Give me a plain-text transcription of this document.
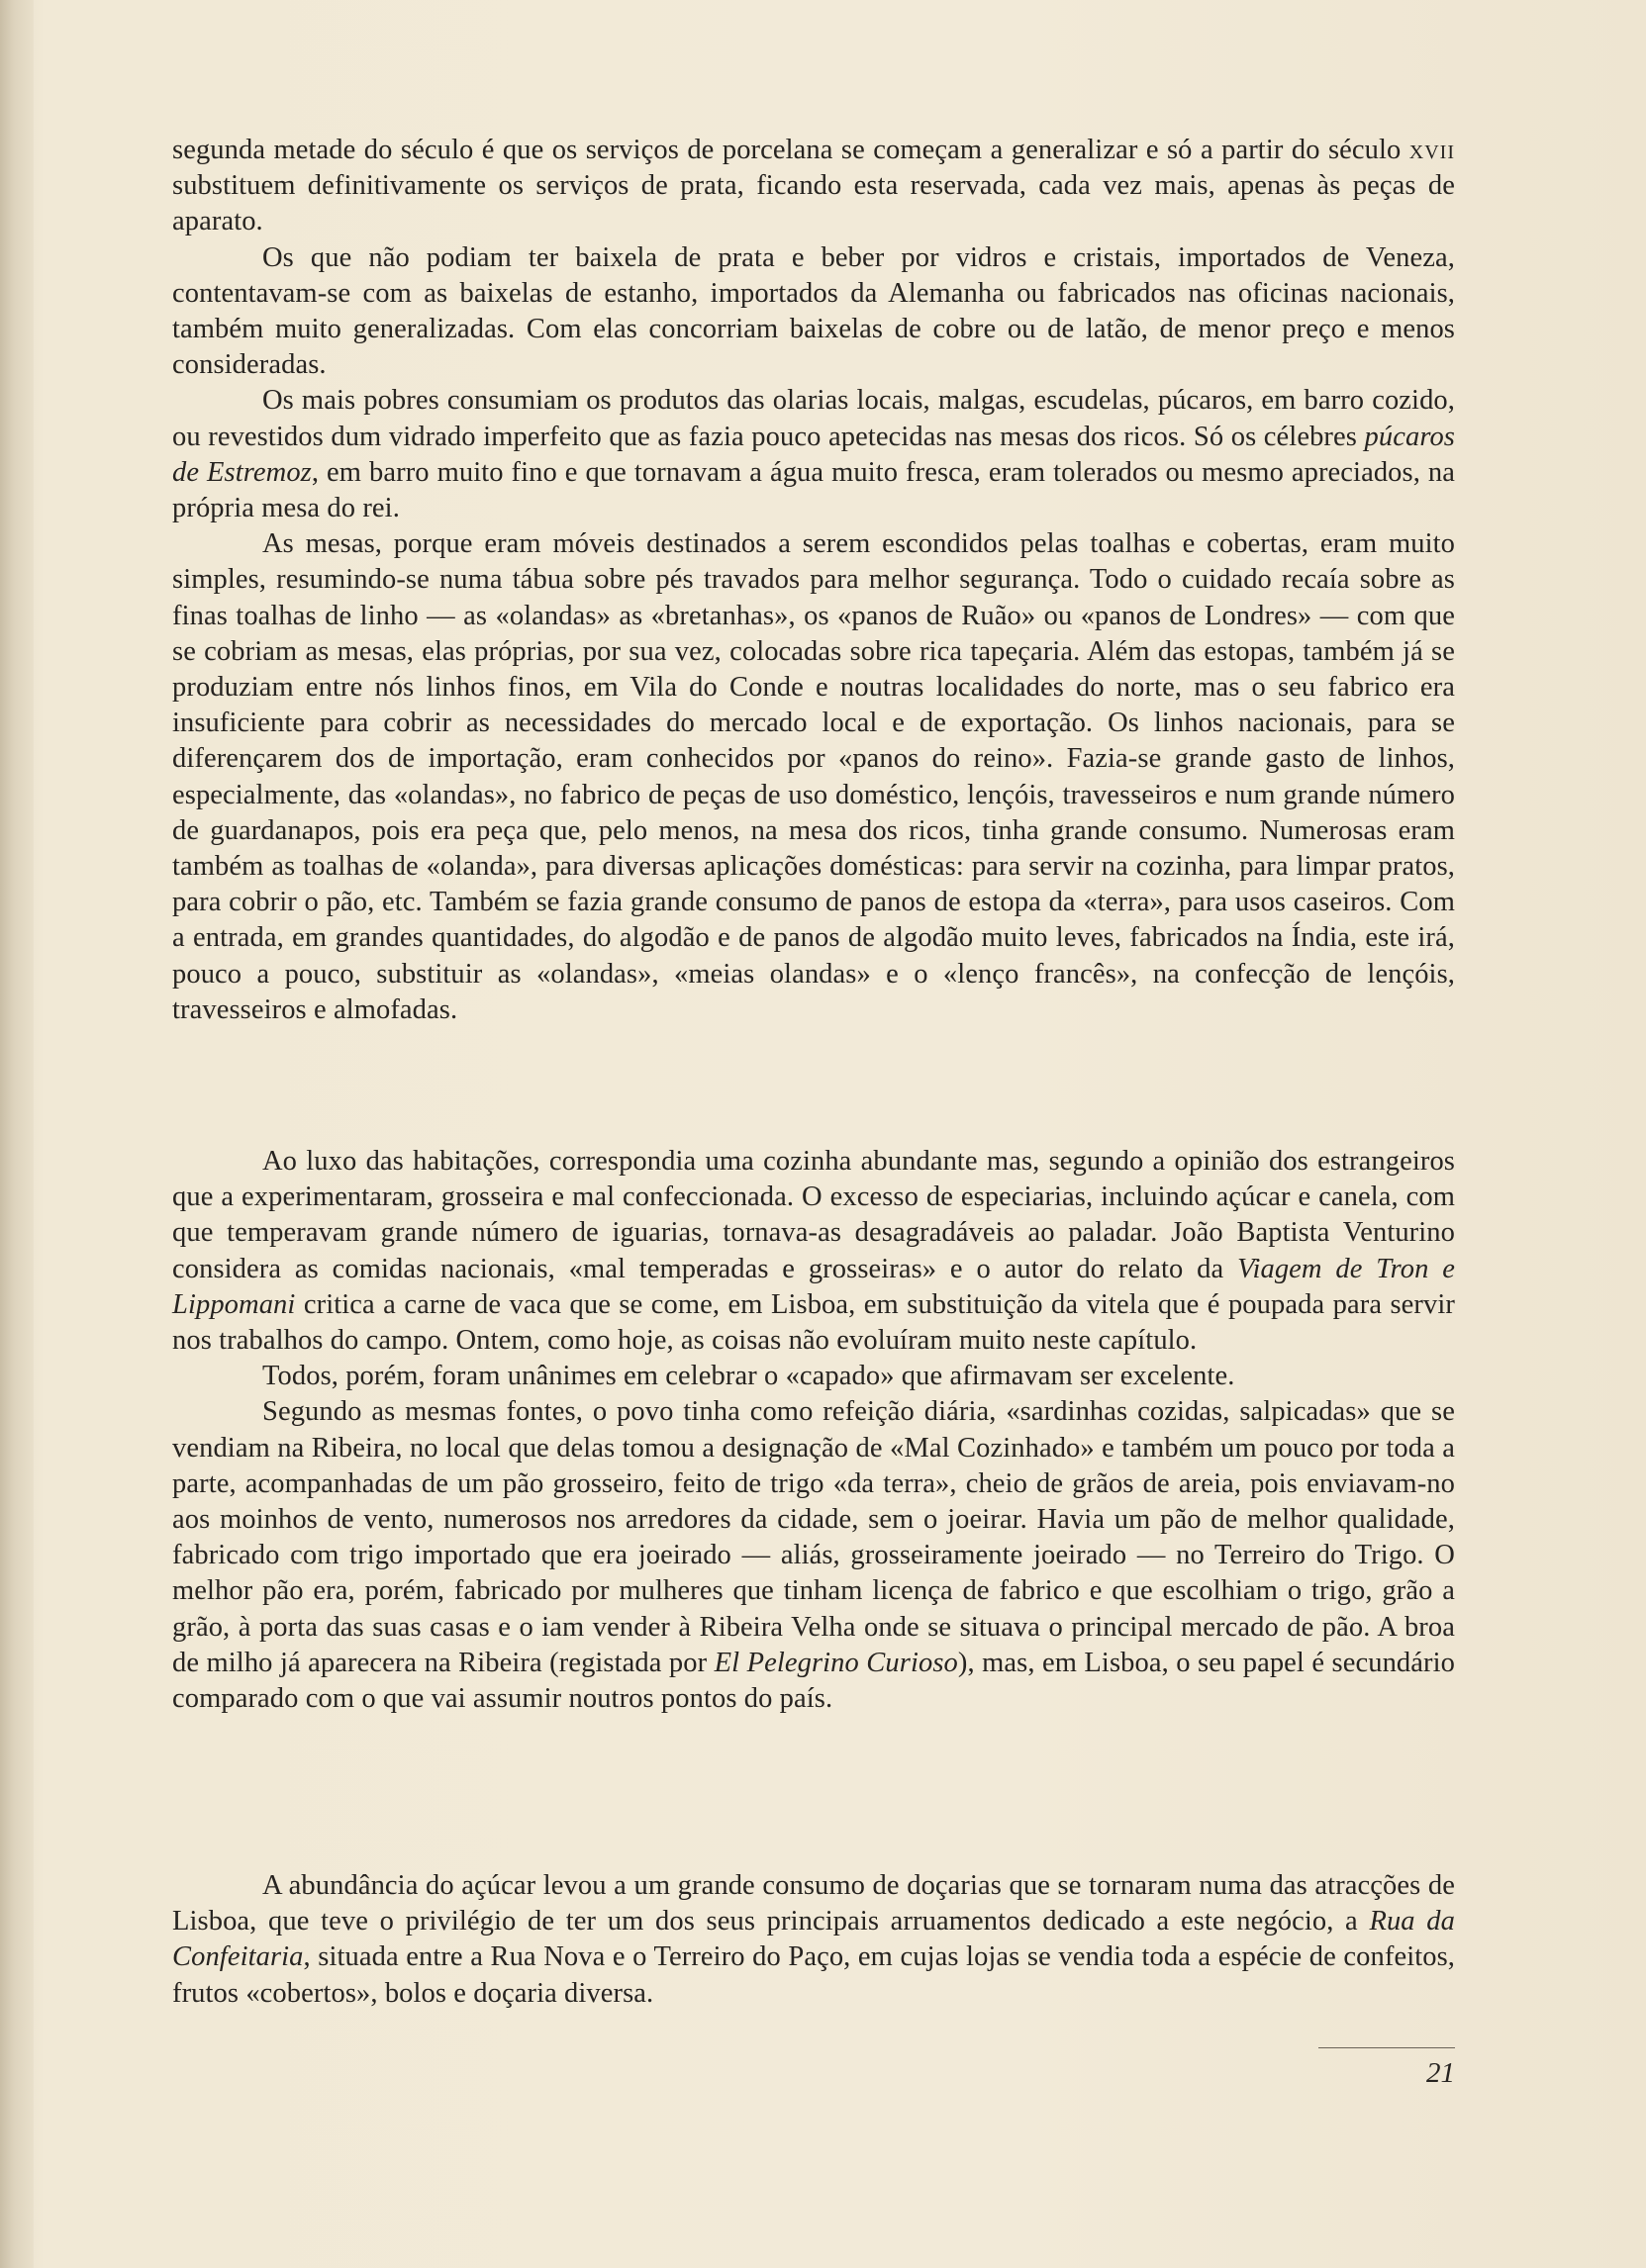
segunda metade do século é que os serviços de porcelana se começam a generalizar e só a partir do século xvii substituem definitivamente os serviços de prata, ficando esta reservada, cada vez mais, apenas às peças de aparato.

Os que não podiam ter baixela de prata e beber por vidros e cristais, importados de Veneza, contentavam-se com as baixelas de estanho, importados da Alemanha ou fabricados nas oficinas nacionais, também muito generalizadas. Com elas concorriam baixelas de cobre ou de latão, de menor preço e menos consideradas.

Os mais pobres consumiam os produtos das olarias locais, malgas, escudelas, púcaros, em barro cozido, ou revestidos dum vidrado imperfeito que as fazia pouco apetecidas nas mesas dos ricos. Só os célebres púcaros de Estremoz, em barro muito fino e que tornavam a água muito fresca, eram tolerados ou mesmo apreciados, na própria mesa do rei.

As mesas, porque eram móveis destinados a serem escondidos pelas toalhas e cobertas, eram muito simples, resumindo-se numa tábua sobre pés travados para melhor segurança. Todo o cuidado recaía sobre as finas toalhas de linho — as «olandas» as «bretanhas», os «panos de Ruão» ou «panos de Londres» — com que se cobriam as mesas, elas próprias, por sua vez, colocadas sobre rica tapeçaria. Além das estopas, também já se produziam entre nós linhos finos, em Vila do Conde e noutras localidades do norte, mas o seu fabrico era insuficiente para cobrir as necessidades do mercado local e de exportação. Os linhos nacionais, para se diferençarem dos de importação, eram conhecidos por «panos do reino». Fazia-se grande gasto de linhos, especialmente, das «olandas», no fabrico de peças de uso doméstico, lençóis, travesseiros e num grande número de guardanapos, pois era peça que, pelo menos, na mesa dos ricos, tinha grande consumo. Numerosas eram também as toalhas de «olanda», para diversas aplicações domésticas: para servir na cozinha, para limpar pratos, para cobrir o pão, etc. Também se fazia grande consumo de panos de estopa da «terra», para usos caseiros. Com a entrada, em grandes quantidades, do algodão e de panos de algodão muito leves, fabricados na Índia, este irá, pouco a pouco, substituir as «olandas», «meias olandas» e o «lenço francês», na confecção de lençóis, travesseiros e almofadas.

Ao luxo das habitações, correspondia uma cozinha abundante mas, segundo a opinião dos estrangeiros que a experimentaram, grosseira e mal confeccionada. O excesso de especiarias, incluindo açúcar e canela, com que temperavam grande número de iguarias, tornava-as desagradáveis ao paladar. João Baptista Venturino considera as comidas nacionais, «mal temperadas e grosseiras» e o autor do relato da Viagem de Tron e Lippomani critica a carne de vaca que se come, em Lisboa, em substituição da vitela que é poupada para servir nos trabalhos do campo. Ontem, como hoje, as coisas não evoluíram muito neste capítulo.

Todos, porém, foram unânimes em celebrar o «capado» que afirmavam ser excelente.

Segundo as mesmas fontes, o povo tinha como refeição diária, «sardinhas cozidas, salpicadas» que se vendiam na Ribeira, no local que delas tomou a designação de «Mal Cozinhado» e também um pouco por toda a parte, acompanhadas de um pão grosseiro, feito de trigo «da terra», cheio de grãos de areia, pois enviavam-no aos moinhos de vento, numerosos nos arredores da cidade, sem o joeirar. Havia um pão de melhor qualidade, fabricado com trigo importado que era joeirado — aliás, grosseiramente joeirado — no Terreiro do Trigo. O melhor pão era, porém, fabricado por mulheres que tinham licença de fabrico e que escolhiam o trigo, grão a grão, à porta das suas casas e o iam vender à Ribeira Velha onde se situava o principal mercado de pão. A broa de milho já aparecera na Ribeira (registada por El Pelegrino Curioso), mas, em Lisboa, o seu papel é secundário comparado com o que vai assumir noutros pontos do país.

A abundância do açúcar levou a um grande consumo de doçarias que se tornaram numa das atracções de Lisboa, que teve o privilégio de ter um dos seus principais arruamentos dedicado a este negócio, a Rua da Confeitaria, situada entre a Rua Nova e o Terreiro do Paço, em cujas lojas se vendia toda a espécie de confeitos, frutos «cobertos», bolos e doçaria diversa.

21
